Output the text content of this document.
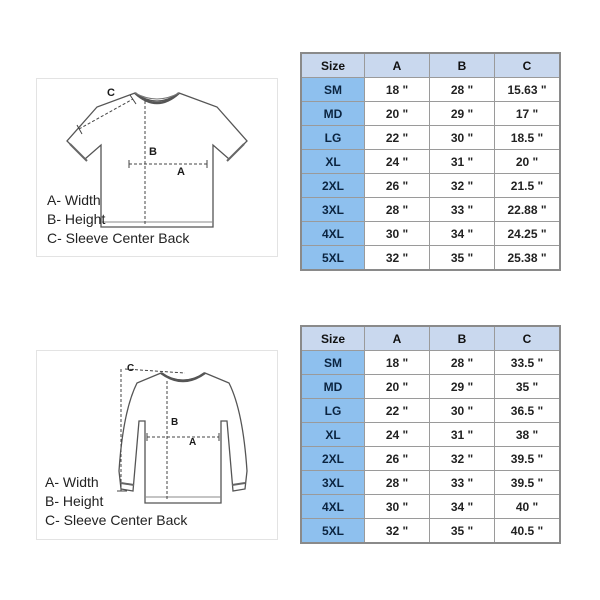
C
B
A
A- Width
B- Height
C- Sleeve Center Back
Size	A	B	C
SM	18 "	28 "	15.63 "
MD	20 "	29 "	17 "
LG	22 "	30 "	18.5 "
XL	24 "	31 "	20 "
2XL	26 "	32 "	21.5 "
3XL	28 "	33 "	22.88 "
4XL	30 "	34 "	24.25 "
5XL	32 "	35 "	25.38 "
C
B
A
A- Width
B- Height
C- Sleeve Center Back
Size	A	B	C
SM	18 "	28 "	33.5 "
MD	20 "	29 "	35 "
LG	22 "	30 "	36.5 "
XL	24 "	31 "	38 "
2XL	26 "	32 "	39.5 "
3XL	28 "	33 "	39.5 "
4XL	30 "	34 "	40 "
5XL	32 "	35 "	40.5 "
